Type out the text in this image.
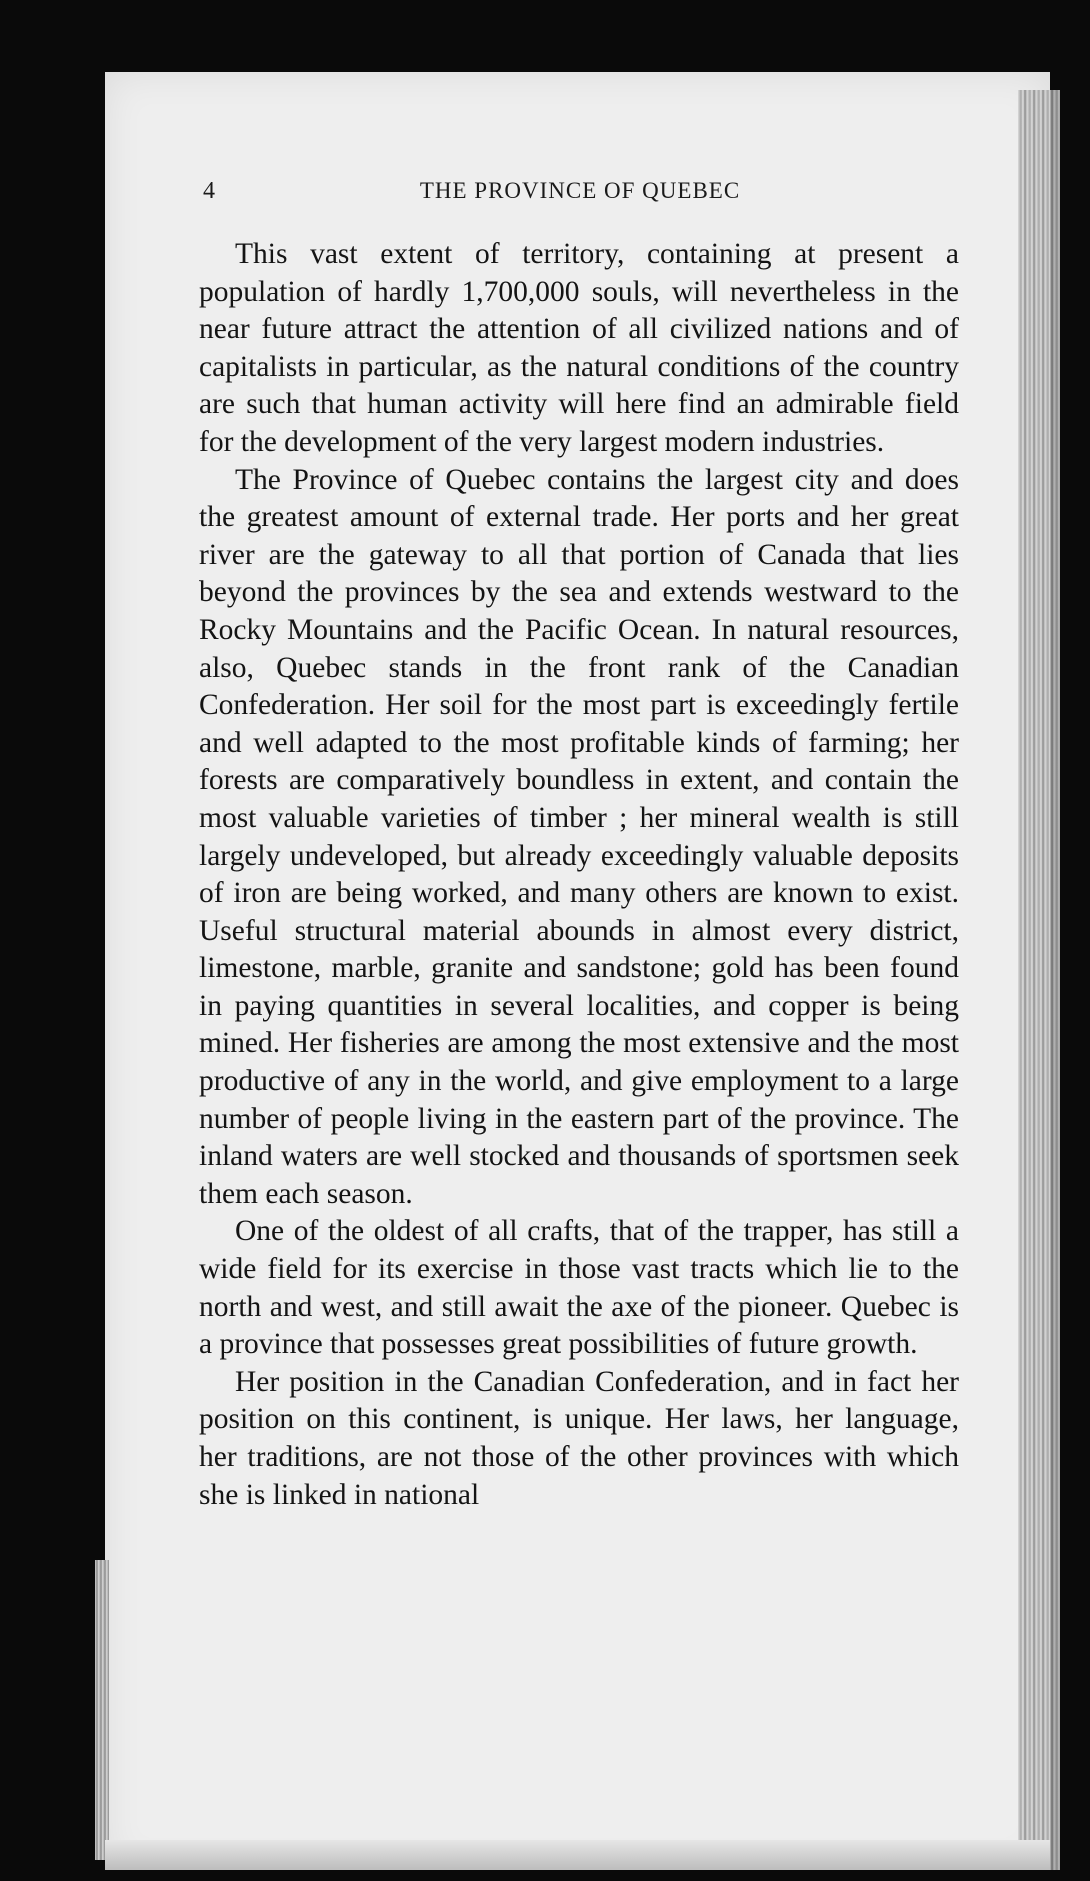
4	THE PROVINCE OF QUEBEC

This vast extent of territory, containing at present a population of hardly 1,700,000 souls, will nevertheless in the near future attract the attention of all civilized nations and of capitalists in particular, as the natural conditions of the country are such that human activity will here find an admirable field for the development of the very largest modern industries.

The Province of Quebec contains the largest city and does the greatest amount of external trade. Her ports and her great river are the gateway to all that portion of Canada that lies beyond the provinces by the sea and extends westward to the Rocky Mountains and the Pacific Ocean. In natural resources, also, Quebec stands in the front rank of the Canadian Confederation. Her soil for the most part is exceedingly fertile and well adapted to the most profitable kinds of farming; her forests are comparatively boundless in extent, and contain the most valuable varieties of timber ; her mineral wealth is still largely undeveloped, but already exceedingly valuable deposits of iron are being worked, and many others are known to exist. Useful structural material abounds in almost every district, limestone, marble, granite and sandstone; gold has been found in paying quantities in several localities, and copper is being mined. Her fisheries are among the most extensive and the most productive of any in the world, and give employment to a large number of people living in the eastern part of the province. The inland waters are well stocked and thousands of sportsmen seek them each season.

One of the oldest of all crafts, that of the trapper, has still a wide field for its exercise in those vast tracts which lie to the north and west, and still await the axe of the pioneer. Quebec is a province that possesses great possibilities of future growth.

Her position in the Canadian Confederation, and in fact her position on this continent, is unique. Her laws, her language, her traditions, are not those of the other provinces with which she is linked in national
